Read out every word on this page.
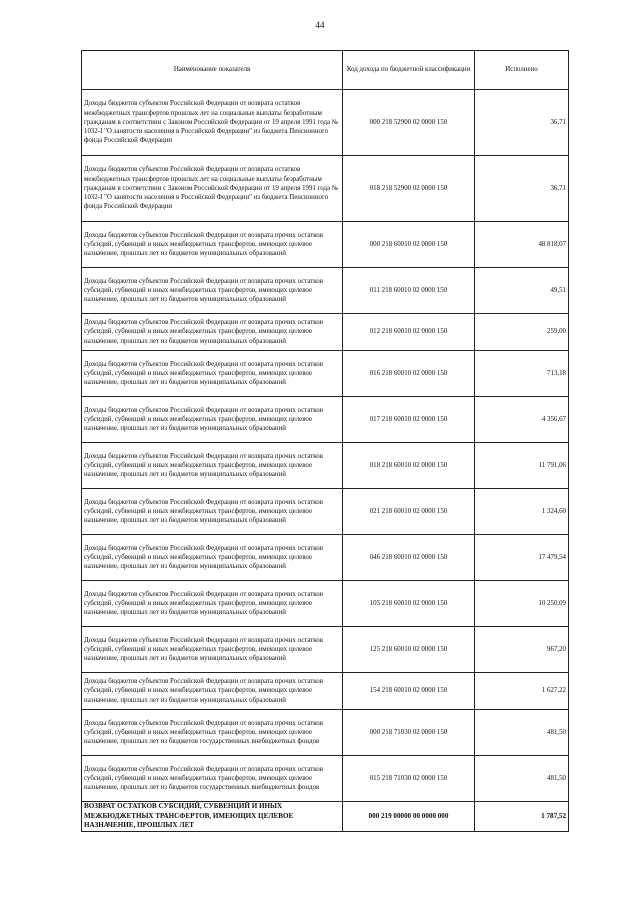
44
Наименование показателя	Код дохода по бюджетной классификации	Исполнено
Доходы бюджетов субъектов Российской Федерации от возврата остатков межбюджетных трансфертов прошлых лет на социальные выплаты безработным гражданам в соответствии с Законом Российской Федерации от 19 апреля 1991 года № 1032-I "О занятости населения в Российской Федерации" из бюджета Пенсионного фонда Российской Федерации	000 218 52900 02 0000 150	36,71
Доходы бюджетов субъектов Российской Федерации от возврата остатков межбюджетных трансфертов прошлых лет на социальные выплаты безработным гражданам в соответствии с Законом Российской Федерации от 19 апреля 1991 года № 1032-I "О занятости населения в Российской Федерации" из бюджета Пенсионного фонда Российской Федерации	018 218 52900 02 0000 150	36,71
Доходы бюджетов субъектов Российской Федерации от возврата прочих остатков субсидий, субвенций и иных межбюджетных трансфертов, имеющих целевое назначение, прошлых лет из бюджетов муниципальных образований	000 218 60010 02 0000 150	48 818,07
Доходы бюджетов субъектов Российской Федерации от возврата прочих остатков субсидий, субвенций и иных межбюджетных трансфертов, имеющих целевое назначение, прошлых лет из бюджетов муниципальных образований	011 218 60010 02 0000 150	49,51
Доходы бюджетов субъектов Российской Федерации от возврата прочих остатков субсидий, субвенций и иных межбюджетных трансфертов, имеющих целевое назначение, прошлых лет из бюджетов муниципальных образований	012 218 60010 02 0000 150	259,00
Доходы бюджетов субъектов Российской Федерации от возврата прочих остатков субсидий, субвенций и иных межбюджетных трансфертов, имеющих целевое назначение, прошлых лет из бюджетов муниципальных образований	016 218 60010 02 0000 150	713,18
Доходы бюджетов субъектов Российской Федерации от возврата прочих остатков субсидий, субвенций и иных межбюджетных трансфертов, имеющих целевое назначение, прошлых лет из бюджетов муниципальных образований	017 218 60010 02 0000 150	4 356,67
Доходы бюджетов субъектов Российской Федерации от возврата прочих остатков субсидий, субвенций и иных межбюджетных трансфертов, имеющих целевое назначение, прошлых лет из бюджетов муниципальных образований	018 218 60010 02 0000 150	11 791,06
Доходы бюджетов субъектов Российской Федерации от возврата прочих остатков субсидий, субвенций и иных межбюджетных трансфертов, имеющих целевое назначение, прошлых лет из бюджетов муниципальных образований	021 218 60010 02 0000 150	1 324,60
Доходы бюджетов субъектов Российской Федерации от возврата прочих остатков субсидий, субвенций и иных межбюджетных трансфертов, имеющих целевое назначение, прошлых лет из бюджетов муниципальных образований	046 218 60010 02 0000 150	17 479,54
Доходы бюджетов субъектов Российской Федерации от возврата прочих остатков субсидий, субвенций и иных межбюджетных трансфертов, имеющих целевое назначение, прошлых лет из бюджетов муниципальных образований	105 218 60010 02 0000 150	10 250,09
Доходы бюджетов субъектов Российской Федерации от возврата прочих остатков субсидий, субвенций и иных межбюджетных трансфертов, имеющих целевое назначение, прошлых лет из бюджетов муниципальных образований	125 218 60010 02 0000 150	967,20
Доходы бюджетов субъектов Российской Федерации от возврата прочих остатков субсидий, субвенций и иных межбюджетных трансфертов, имеющих целевое назначение, прошлых лет из бюджетов муниципальных образований	154 218 60010 02 0000 150	1 627,22
Доходы бюджетов субъектов Российской Федерации от возврата прочих остатков субсидий, субвенций и иных межбюджетных трансфертов, имеющих целевое назначение, прошлых лет из бюджетов государственных внебюджетных фондов	000 218 71030 02 0000 150	481,50
Доходы бюджетов субъектов Российской Федерации от возврата прочих остатков субсидий, субвенций и иных межбюджетных трансфертов, имеющих целевое назначение, прошлых лет из бюджетов государственных внебюджетных фондов	015 218 71030 02 0000 150	481,50
ВОЗВРАТ ОСТАТКОВ СУБСИДИЙ, СУБВЕНЦИЙ И ИНЫХ МЕЖБЮДЖЕТНЫХ ТРАНСФЕРТОВ, ИМЕЮЩИХ ЦЕЛЕВОЕ НАЗНАЧЕНИЕ, ПРОШЛЫХ ЛЕТ	000 219 00000 00 0000 000	1 787,52
